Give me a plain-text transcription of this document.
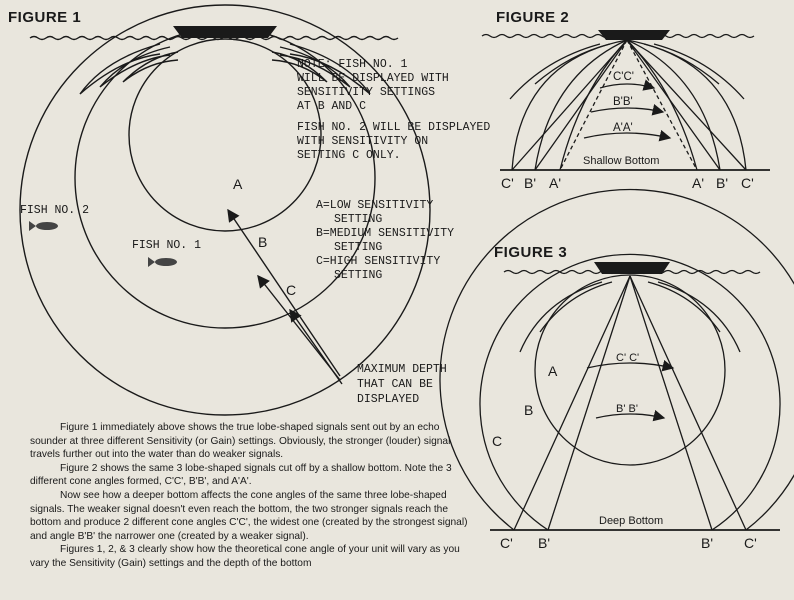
FIGURE 1	FIGURE 2
FIGURE 3
NOTE: FISH NO. 1
WILL BE DISPLAYED WITH
SENSITIVITY SETTINGS
AT B AND C
FISH NO. 2 WILL BE DISPLAYED
WITH SENSITIVITY ON
SETTING C ONLY.
A=LOW SENSITIVITY
SETTING
B=MEDIUM SENSITIVITY
SETTING
C=HIGH SENSITIVITY
SETTING
MAXIMUM DEPTH
THAT CAN BE
DISPLAYED
FISH NO. 2
FISH NO. 1
A
B
C
C'C'
B'B'
A'A'
Shallow Bottom
C' B' A'	A' B' C'
A
B
C
C' C'
B' B'
Deep Bottom
C' B'	B' C'

Figure 1 immediately above shows the true lobe-shaped signals sent out by an echo sounder at three different Sensitivity (or Gain) settings. Obviously, the stronger (louder) signal travels further out into the water than do weaker signals.

Figure 2 shows the same 3 lobe-shaped signals cut off by a shallow bottom. Note the 3 different cone angles formed, C'C', B'B', and A'A'.

Now see how a deeper bottom affects the cone angles of the same three lobe-shaped signals. The weaker signal doesn't even reach the bottom, the two stronger signals reach the bottom and produce 2 different cone angles C'C', the widest one (created by the strongest signal) and angle B'B' the narrower one (created by a weaker signal).

Figures 1, 2, & 3 clearly show how the theoretical cone angle of your unit will vary as you vary the Sensitivity (Gain) settings and the depth of the bottom
